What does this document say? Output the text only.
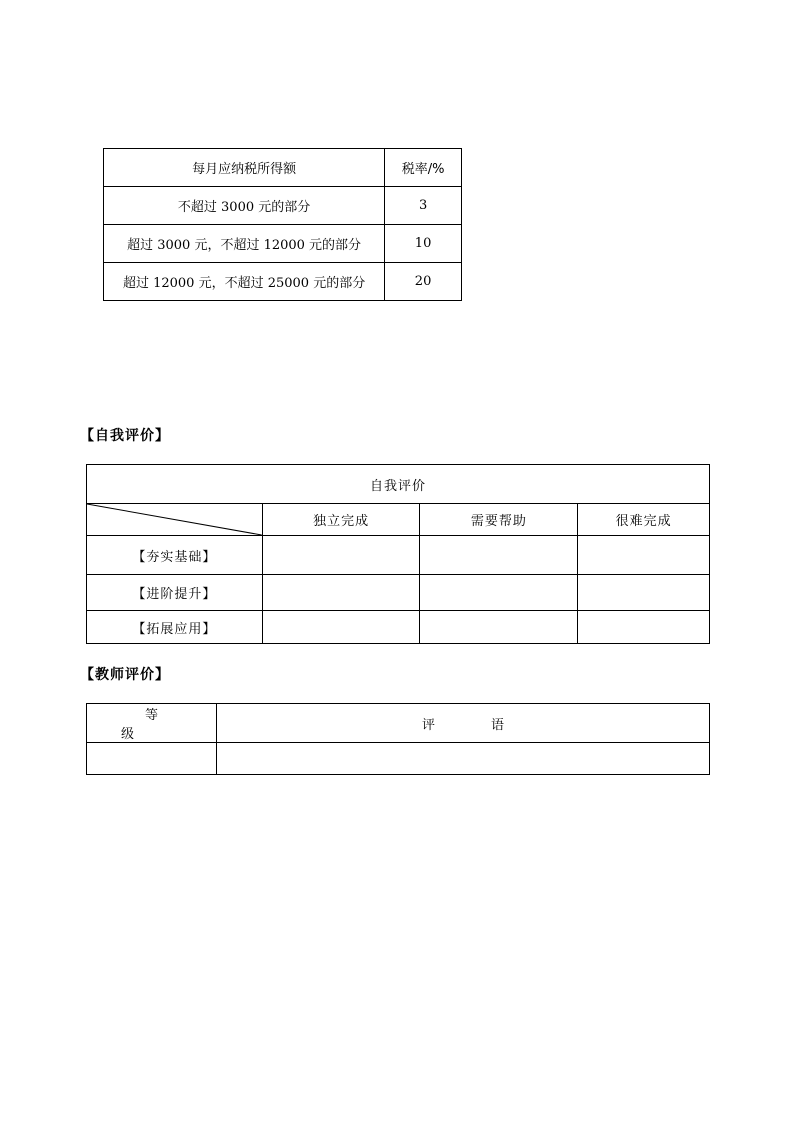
每月应纳税所得额	税率/%
不超过 3000 元的部分	3
超过 3000 元，不超过 12000 元的部分	10
超过 12000 元，不超过 25000 元的部分	20
【自我评价】
自我评价			

	独立完成	需要帮助	很难完成
【夯实基础】			
【进阶提升】			
【拓展应用】			
【教师评价】
等级	评语
